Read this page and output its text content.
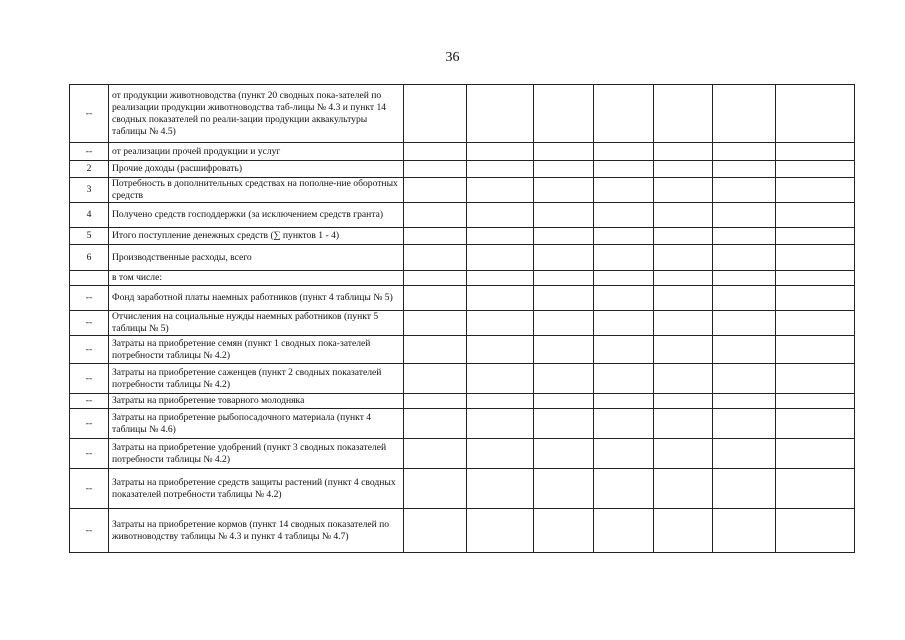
36
--	от продукции животноводства (пункт 20 сводных пока-зателей по реализации продукции животноводства таб-лицы № 4.3 и пункт 14 сводных показателей по реали-зации продукции аквакультуры таблицы № 4.5)							
--	от реализации прочей продукции и услуг							
2	Прочие доходы (расшифровать)							
3	Потребность в дополнительных средствах на пополне-ние оборотных средств							
4	Получено средств господдержки (за исключением средств гранта)							
5	Итого поступление денежных средств (∑ пунктов 1 - 4)							
6	Производственные расходы, всего							
	в том числе:							
--	Фонд заработной платы наемных работников (пункт 4 таблицы № 5)							
--	Отчисления на социальные нужды наемных работников (пункт 5 таблицы № 5)							
--	Затраты на приобретение семян (пункт 1 сводных пока-зателей потребности таблицы № 4.2)							
--	Затраты на приобретение саженцев (пункт 2 сводных показателей потребности таблицы № 4.2)							
--	Затраты на приобретение товарного молодняка							
--	Затраты на приобретение рыбопосадочного материала (пункт 4 таблицы № 4.6)							
--	Затраты на приобретение удобрений (пункт 3 сводных показателей потребности таблицы № 4.2)							
--	Затраты на приобретение средств защиты растений (пункт 4 сводных показателей потребности таблицы № 4.2)							
--	Затраты на приобретение кормов (пункт 14 сводных показателей по животноводству таблицы № 4.3 и пункт 4 таблицы № 4.7)							
